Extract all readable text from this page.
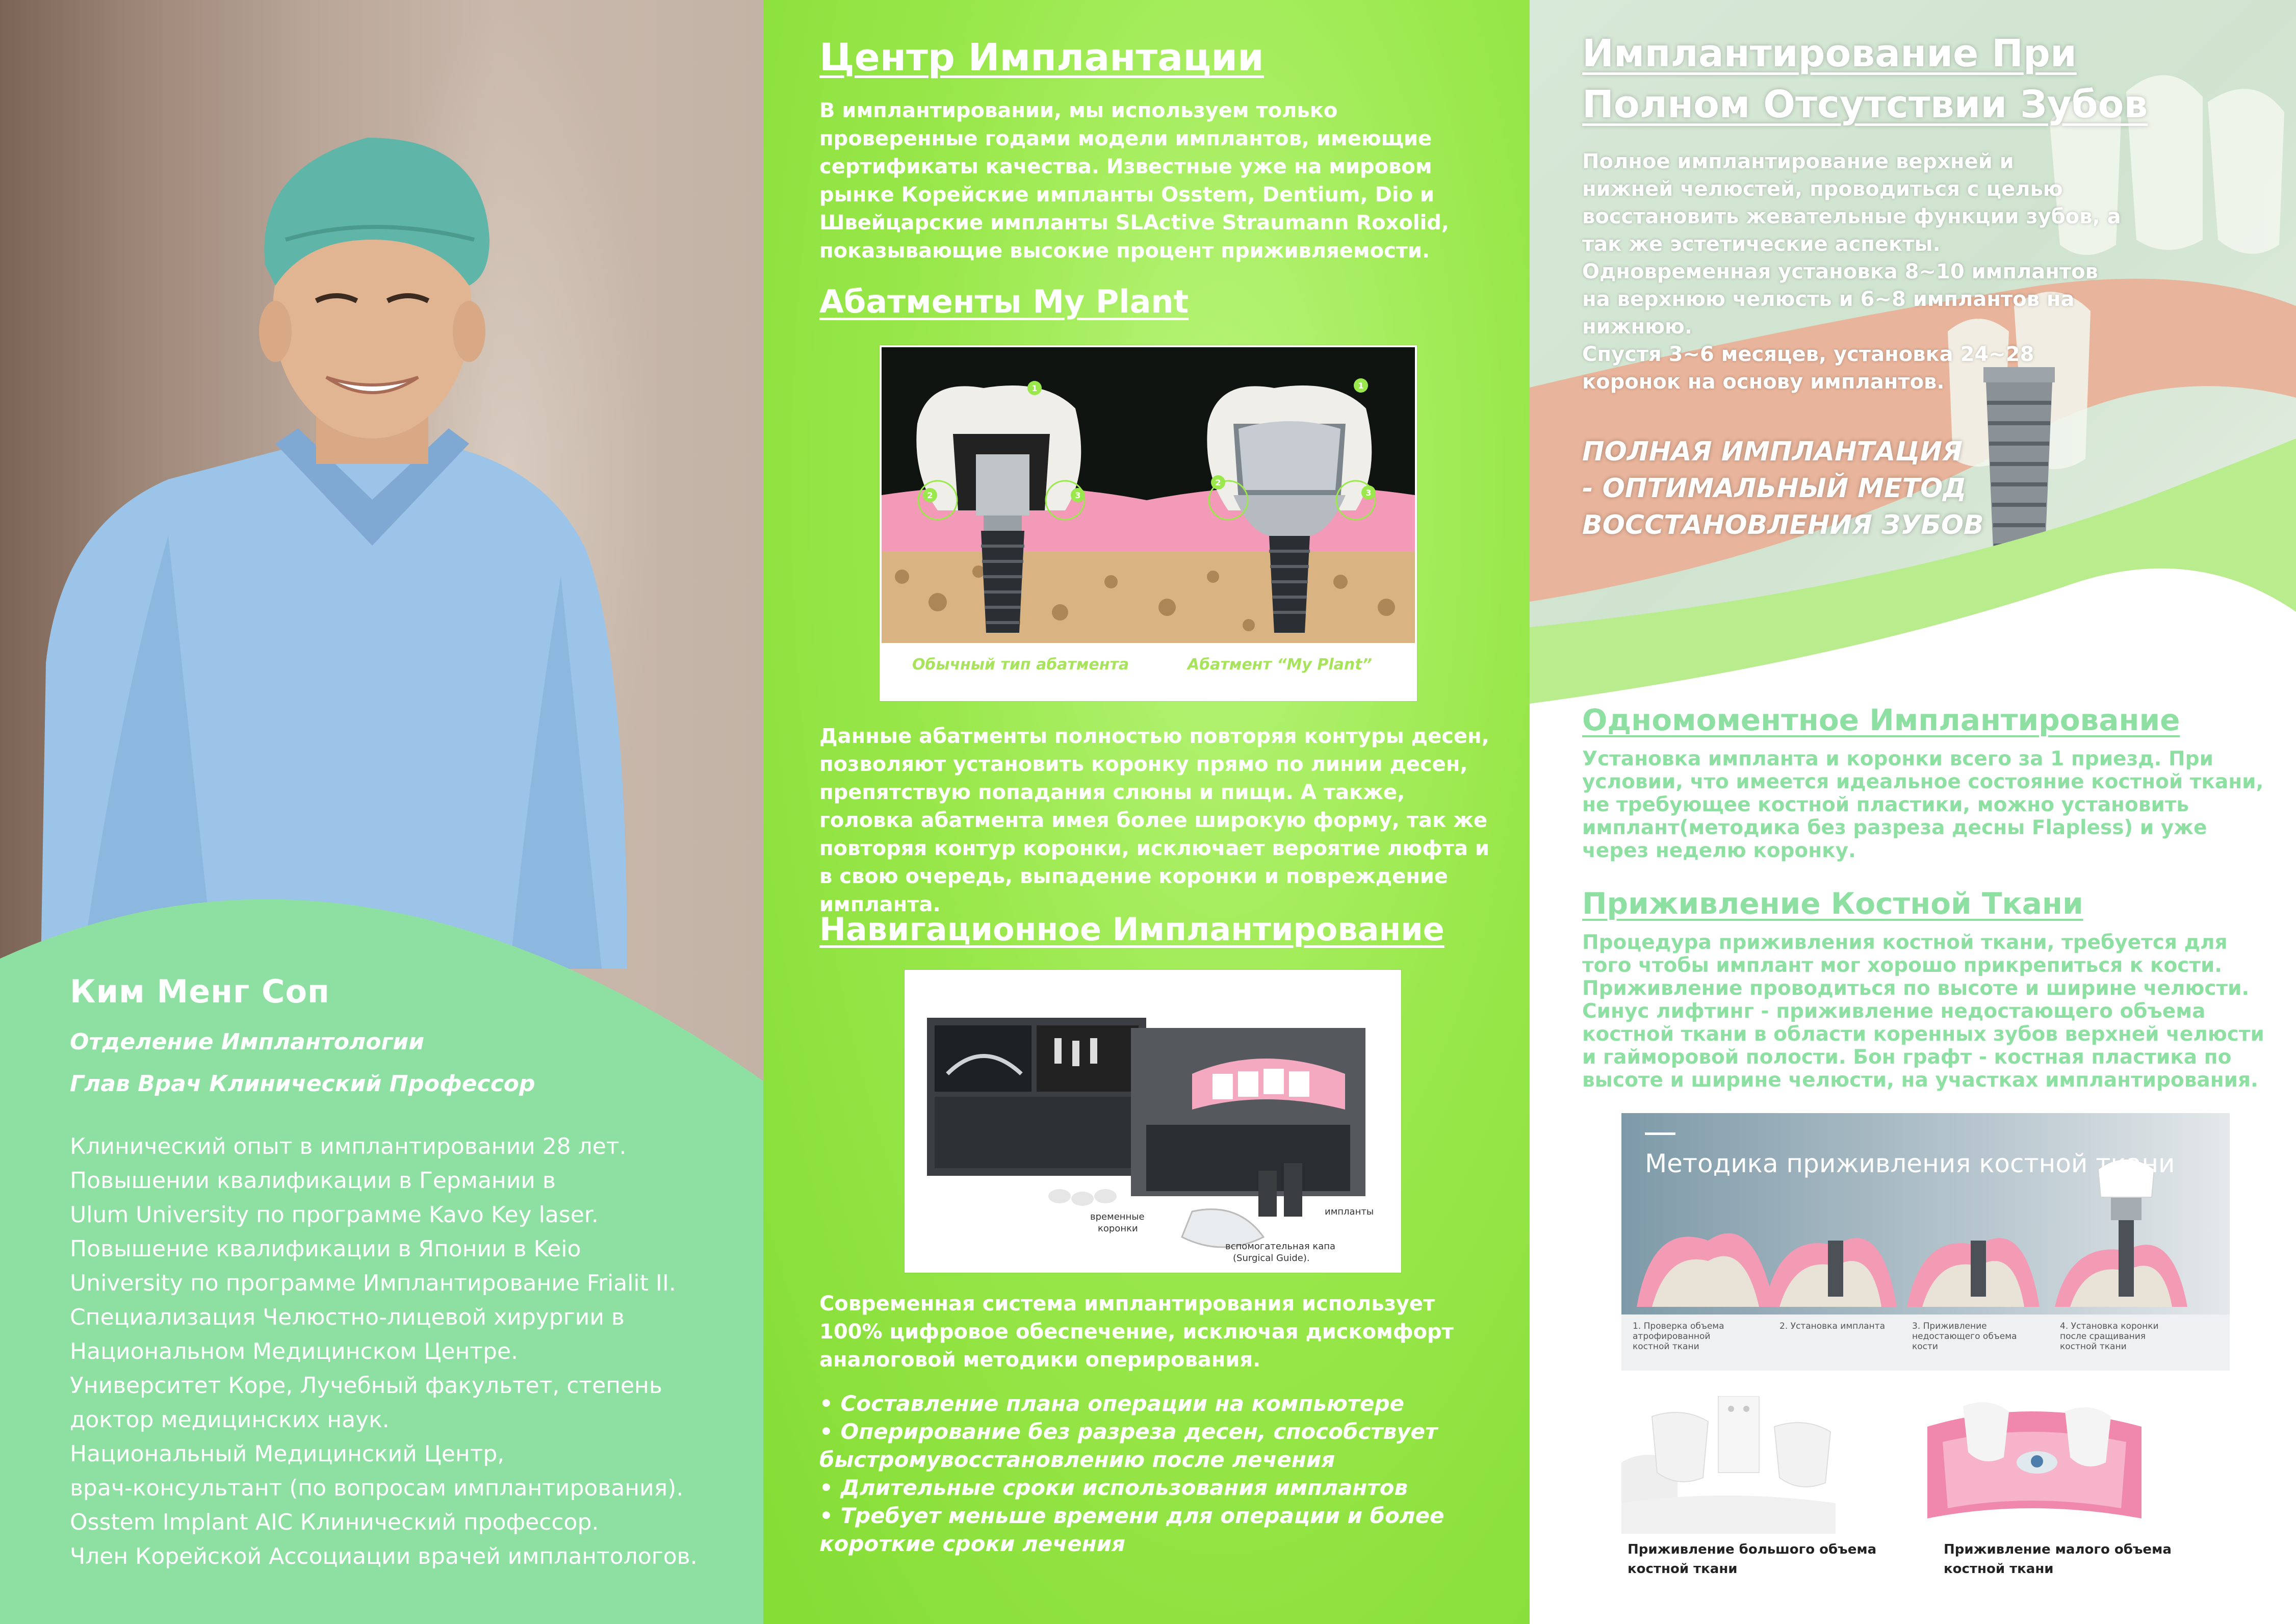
Ким Менг Соп

Отделение Имплантологии

Глав Врач Клинический Профессор

Клинический опыт в имплантировании 28 лет.
Повышении квалификации в Германии в
Ulum University по программе Kavo Key laser.
Повышение квалификации в Японии в Keio
University по программе Имплантирование Frialit II.
Специализация Челюстно-лицевой хирургии в
Национальном Медицинском Центре.
Университет Коре, Лучебный факультет, степень
доктор медицинских наук.
Национальный Медицинский Центр,
врач-консультант (по вопросам имплантирования).
Osstem Implant AIC Клинический профессор.
Член Корейской Ассоциации врачей имплантологов.
Центр Имплантации

В имплантировании, мы используем только проверенные годами модели имплантов, имеющие сертификаты качества. Известные уже на мировом рынке Корейские импланты Osstem, Dentium, Dio и Швейцарские импланты SLActive Straumann Roxolid, показывающие высокие процент приживляемости.

Абатменты My Plant
1
2	3
1
2
3
Обычный тип абатмента	Абатмент “My Plant”

Данные абатменты полностью повторяя контуры десен, позволяют установить коронку прямо по линии десен, препятствую попадания слюны и пищи. А также, головка абатмента имея более широкую форму, так же повторяя контур коронки, исключает вероятие люфта и в свою очередь, выпадение коронки и повреждение импланта.

Навигационное Имплантирование
временные
коронки
импланты
вспомогательная капа
(Surgical Guide).

Современная система имплантирования использует 100% цифровое обеспечение, исключая дискомфорт аналоговой методики оперирования.

• Составление плана операции на компьютере
• Оперирование без разреза десен, способствует
быстромувосстановлению после лечения
• Длительные сроки использования имплантов
• Требует меньше времени для операции и более
короткие сроки лечения
Имплантирование При
Полном Отсутствии Зубов
Полное имплантирование верхней и
нижней челюстей, проводиться с целью
восстановить жевательные функции зубов, а
так же эстетические аспекты.
Одновременная установка 8~10 имплантов
на верхнюю челюсть и 6~8 имплантов на
нижнюю.
Спустя 3~6 месяцев, установка 24~28
коронок на основу имплантов.
ПОЛНАЯ ИМПЛАНТАЦИЯ
- ОПТИМАЛЬНЫЙ МЕТОД
ВОССТАНОВЛЕНИЯ ЗУБОВ
Одномоментное Имплантирование

Установка импланта и коронки всего за 1 приезд. При условии, что имеется идеальное состояние костной ткани, не требующее костной пластики, можно установить имплант(методика без разреза десны Flapless) и уже через неделю коронку.

Приживление Костной Ткани

Процедура приживления костной ткани, требуется для того чтобы имплант мог хорошо прикрепиться к кости. Приживление проводиться по высоте и ширине челюсти. Синус лифтинг - приживление недостающего объема костной ткани в области коренных зубов верхней челюсти и гайморовой полости. Бон графт - костная пластика по высоте и ширине челюсти, на участках имплантирования.

Методика приживления костной ткани

1. Проверка объема атрофированной костной ткани
2. Установка импланта	3. Приживление недостающего объема кости
4. Установка коронки после сращивания костной ткани
Приживление большого объема
костной ткани
Приживление малого объема
костной ткани
